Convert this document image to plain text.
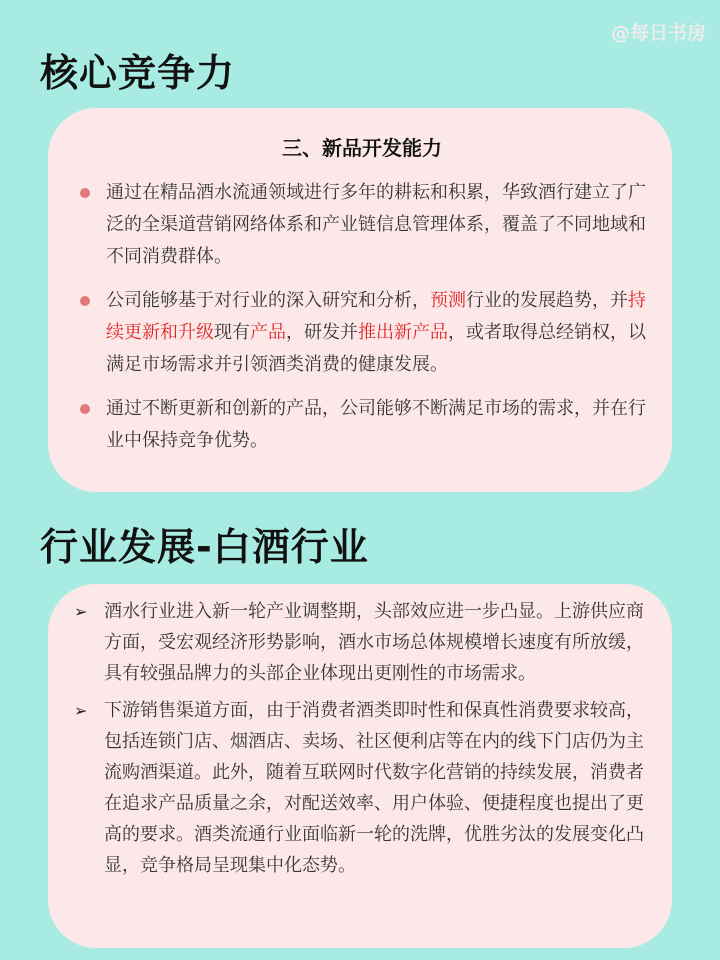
@每日书房
核心竞争力
三、新品开发能力
通过在精品酒水流通领域进行多年的耕耘和积累，华致酒行建立了广泛的全渠道营销网络体系和产业链信息管理体系，覆盖了不同地域和不同消费群体。
公司能够基于对行业的深入研究和分析，预测行业的发展趋势，并持续更新和升级现有产品，研发并推出新产品，或者取得总经销权，以满足市场需求并引领酒类消费的健康发展。
通过不断更新和创新的产品，公司能够不断满足市场的需求，并在行业中保持竞争优势。
行业发展-白酒行业
➢ 酒水行业进入新一轮产业调整期，头部效应进一步凸显。上游供应商方面，受宏观经济形势影响，酒水市场总体规模增长速度有所放缓，具有较强品牌力的头部企业体现出更刚性的市场需求。
➢ 下游销售渠道方面，由于消费者酒类即时性和保真性消费要求较高，包括连锁门店、烟酒店、卖场、社区便利店等在内的线下门店仍为主流购酒渠道。此外，随着互联网时代数字化营销的持续发展，消费者在追求产品质量之余，对配送效率、用户体验、便捷程度也提出了更高的要求。酒类流通行业面临新一轮的洗牌，优胜劣汰的发展变化凸显，竞争格局呈现集中化态势。
